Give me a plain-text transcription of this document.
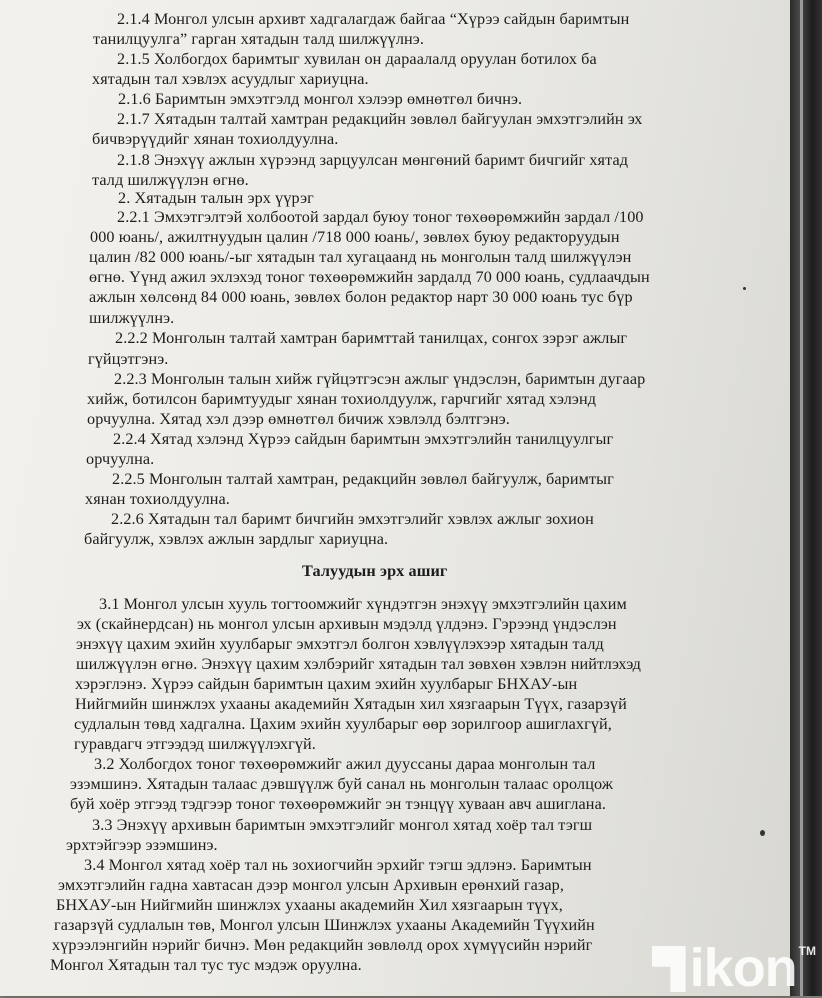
2.1.4 Монгол улсын архивт хадгалагдаж байгаа “Хүрээ сайдын баримтын
танилцуулга” гарган хятадын талд шилжүүлнэ.
2.1.5 Холбогдох баримтыг хувилан он дараалалд оруулан ботилох ба
хятадын тал хэвлэх асуудлыг хариуцна.
2.1.6 Баримтын эмхэтгэлд монгол хэлээр өмнөтгөл бичнэ.
2.1.7 Хятадын талтай хамтран редакцийн зөвлөл байгуулан эмхэтгэлийн эх
бичвэрүүдийг хянан тохиолдуулна.
2.1.8 Энэхүү ажлын хүрээнд зарцуулсан мөнгөний баримт бичгийг хятад
талд шилжүүлэн өгнө.
2. Хятадын талын эрх үүрэг
2.2.1 Эмхэтгэлтэй холбоотой зардал буюу тоног төхөөрөмжийн зардал /100
000 юань/, ажилтнуудын цалин /718 000 юань/, зөвлөх буюу редакторуудын
цалин /82 000 юань/-ыг хятадын тал хугацаанд нь монголын талд шилжүүлэн
өгнө. Үүнд ажил эхлэхэд тоног төхөөрөмжийн зардалд 70 000 юань, судлаачдын
ажлын хөлсөнд 84 000 юань, зөвлөх болон редактор нарт 30 000 юань тус бүр
шилжүүлнэ.
2.2.2 Монголын талтай хамтран баримттай танилцах, сонгох зэрэг ажлыг
гүйцэтгэнэ.
2.2.3 Монголын талын хийж гүйцэтгэсэн ажлыг үндэслэн, баримтын дугаар
хийж, ботилсон баримтуудыг хянан тохиолдуулж, гарчгийг хятад хэлэнд
орчуулна. Хятад хэл дээр өмнөтгөл бичиж хэвлэлд бэлтгэнэ.
2.2.4 Хятад хэлэнд Хүрээ сайдын баримтын эмхэтгэлийн танилцуулгыг
орчуулна.
2.2.5 Монголын талтай хамтран, редакцийн зөвлөл байгуулж, баримтыг
хянан тохиолдуулна.
2.2.6 Хятадын тал баримт бичгийн эмхэтгэлийг хэвлэх ажлыг зохион
байгуулж, хэвлэх ажлын зардлыг хариуцна.
Талуудын эрх ашиг
3.1 Монгол улсын хууль тогтоомжийг хүндэтгэн энэхүү эмхэтгэлийн цахим
эх (скайнердсан) нь монгол улсын архивын мэдэлд үлдэнэ. Гэрээнд үндэслэн
энэхүү цахим эхийн хуулбарыг эмхэтгэл болгон хэвлүүлэхээр хятадын талд
шилжүүлэн өгнө. Энэхүү цахим хэлбэрийг хятадын тал зөвхөн хэвлэн нийтлэхэд
хэрэглэнэ. Хүрээ сайдын баримтын цахим эхийн хуулбарыг БНХАУ-ын
Нийгмийн шинжлэх ухааны академийн Хятадын хил хязгаарын Түүх, газарзүй
судлалын төвд хадгална. Цахим эхийн хуулбарыг өөр зорилгоор ашиглахгүй,
гуравдагч этгээдэд шилжүүлэхгүй.
3.2 Холбогдох тоног төхөөрөмжийг ажил дууссаны дараа монголын тал
эзэмшинэ. Хятадын талаас дэвшүүлж буй санал нь монголын талаас оролцож
буй хоёр этгээд тэдгээр тоног төхөөрөмжийг эн тэнцүү хуваан авч ашиглана.
3.3 Энэхүү архивын баримтын эмхэтгэлийг монгол хятад хоёр тал тэгш
эрхтэйгээр эзэмшинэ.
3.4 Монгол хятад хоёр тал нь зохиогчийн эрхийг тэгш эдлэнэ. Баримтын
эмхэтгэлийн гадна хавтасан дээр монгол улсын Архивын ерөнхий газар,
БНХАУ-ын Нийгмийн шинжлэх ухааны академийн Хил хязгаарын түүх,
газарзүй судлалын төв, Монгол улсын Шинжлэх ухааны Академийн Түүхийн
хүрээлэнгийн нэрийг бичнэ. Мөн редакцийн зөвлөлд орох хүмүүсийн нэрийг
Монгол Хятадын тал тус тус мэдэж оруулна.	ikon TM
